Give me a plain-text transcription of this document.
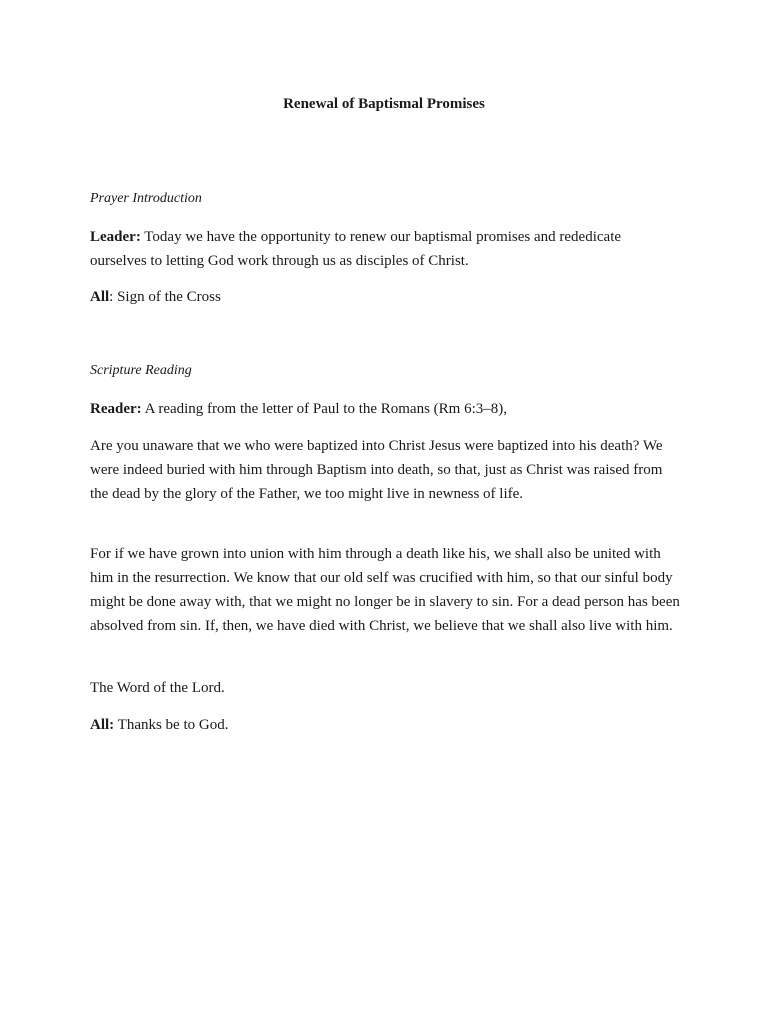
Renewal of Baptismal Promises

Prayer Introduction

Leader: Today we have the opportunity to renew our baptismal promises and rededicate ourselves to letting God work through us as disciples of Christ.

All: Sign of the Cross

Scripture Reading

Reader: A reading from the letter of Paul to the Romans (Rm 6:3–8),

Are you unaware that we who were baptized into Christ Jesus were baptized into his death? We were indeed buried with him through Baptism into death, so that, just as Christ was raised from the dead by the glory of the Father, we too might live in newness of life.

For if we have grown into union with him through a death like his, we shall also be united with him in the resurrection. We know that our old self was crucified with him, so that our sinful body might be done away with, that we might no longer be in slavery to sin. For a dead person has been absolved from sin. If, then, we have died with Christ, we believe that we shall also live with him.

The Word of the Lord.

All: Thanks be to God.
